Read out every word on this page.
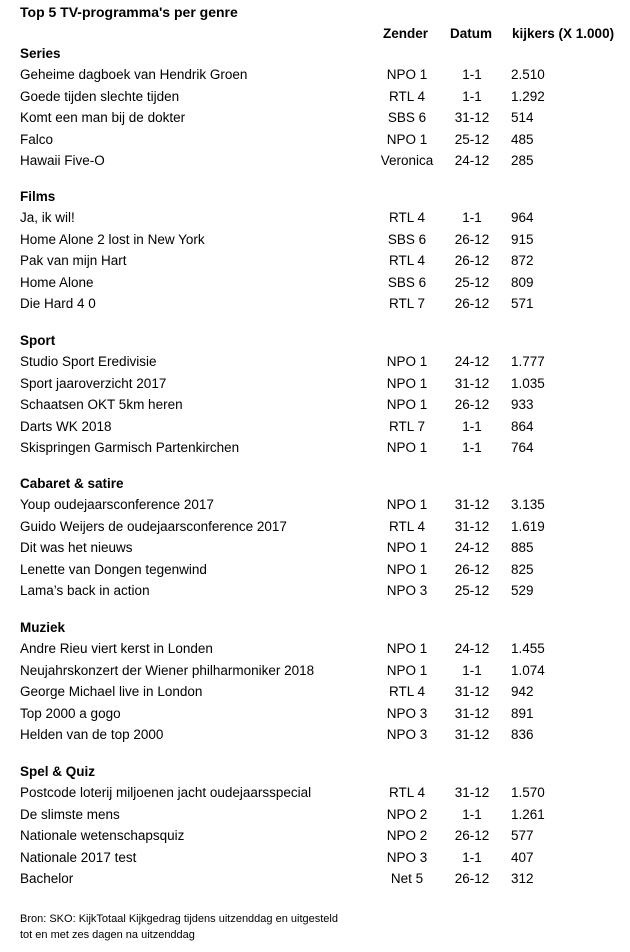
Top 5 TV-programma's per genre
Zender Datum kijkers (X 1.000)
Series
Geheime dagboek van Hendrik Groen	NPO 1	1-1	2.510
Goede tijden slechte tijden	RTL 4	1-1	1.292
Komt een man bij de dokter	SBS 6	31-12	514
Falco	NPO 1	25-12	485
Hawaii Five-O	Veronica	24-12	285
Films
Ja, ik wil!	RTL 4	1-1	964
Home Alone 2 lost in New York	SBS 6	26-12	915
Pak van mijn Hart	RTL 4	26-12	872
Home Alone	SBS 6	25-12	809
Die Hard 4 0	RTL 7	26-12	571
Sport
Studio Sport Eredivisie	NPO 1	24-12	1.777
Sport jaaroverzicht 2017	NPO 1	31-12	1.035
Schaatsen OKT 5km heren	NPO 1	26-12	933
Darts WK 2018	RTL 7	1-1	864
Skispringen Garmisch Partenkirchen	NPO 1	1-1	764
Cabaret & satire
Youp oudejaarsconference 2017	NPO 1	31-12	3.135
Guido Weijers de oudejaarsconference 2017	RTL 4	31-12	1.619
Dit was het nieuws	NPO 1	24-12	885
Lenette van Dongen tegenwind	NPO 1	26-12	825
Lama’s back in action	NPO 3	25-12	529
Muziek
Andre Rieu viert kerst in Londen	NPO 1	24-12	1.455
Neujahrskonzert der Wiener philharmoniker 2018	NPO 1	1-1	1.074
George Michael live in London	RTL 4	31-12	942
Top 2000 a gogo	NPO 3	31-12	891
Helden van de top 2000	NPO 3	31-12	836
Spel & Quiz
Postcode loterij miljoenen jacht oudejaarsspecial	RTL 4	31-12	1.570
De slimste mens	NPO 2	1-1	1.261
Nationale wetenschapsquiz	NPO 2	26-12	577
Nationale 2017 test	NPO 3	1-1	407
Bachelor	Net 5	26-12	312
Bron: SKO: KijkTotaal Kijkgedrag tijdens uitzenddag en uitgesteld
tot en met zes dagen na uitzenddag
